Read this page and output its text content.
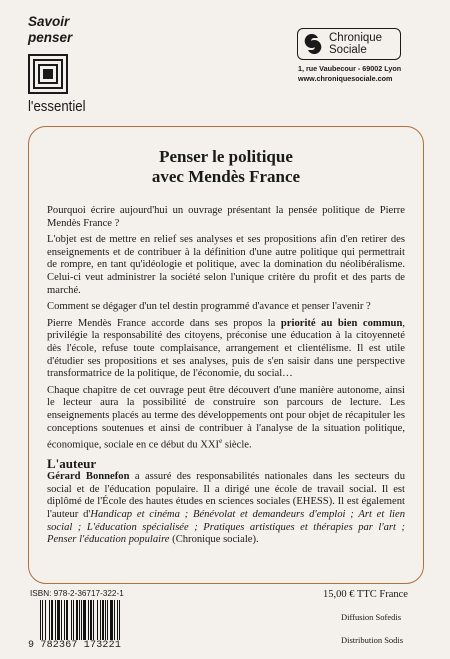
Savoir
penser
l'essentiel
Chronique
Sociale
1, rue Vaubecour - 69002 Lyon
www.chroniquesociale.com
Penser le politique
avec Mendès France

Pourquoi écrire aujourd'hui un ouvrage présentant la pensée politique de Pierre Mendès France ?

L'objet est de mettre en relief ses analyses et ses propositions afin d'en retirer des enseignements et de contribuer à la définition d'une autre politique qui permettrait de rompre, en tant qu'idéologie et politique, avec la domination du néolibéralisme. Celui-ci veut administrer la société selon l'unique critère du profit et des parts de marché.

Comment se dégager d'un tel destin programmé d'avance et penser l'avenir ?

Pierre Mendès France accorde dans ses propos la priorité au bien commun, privilégie la responsabilité des citoyens, préconise une éducation à la citoyenneté dès l'école, refuse toute complaisance, arrangement et clientélisme. Il est utile d'étudier ses propositions et ses analyses, puis de s'en saisir dans une perspective transformatrice de la politique, de l'économie, du social…

Chaque chapitre de cet ouvrage peut être découvert d'une manière autonome, ainsi le lecteur aura la possibilité de construire son parcours de lecture. Les enseignements placés au terme des développements ont pour objet de récapituler les conceptions soutenues et ainsi de contribuer à l'analyse de la situation politique, économique, sociale en ce début du XXIe siècle.

L'auteur

Gérard Bonnefon a assuré des responsabilités nationales dans les secteurs du social et de l'éducation populaire. Il a dirigé une école de travail social. Il est diplômé de l'École des hautes études en sciences sociales (EHESS). Il est également l'auteur d'Handicap et cinéma ; Bénévolat et demandeurs d'emploi ; Art et lien social ; L'éducation spécialisée ; Pratiques artistiques et thérapies par l'art ; Penser l'éducation populaire (Chronique sociale).

ISBN: 978-2-36717-322-1
9 782367 173221
15,00 € TTC France
Diffusion Sofedis
Distribution Sodis
